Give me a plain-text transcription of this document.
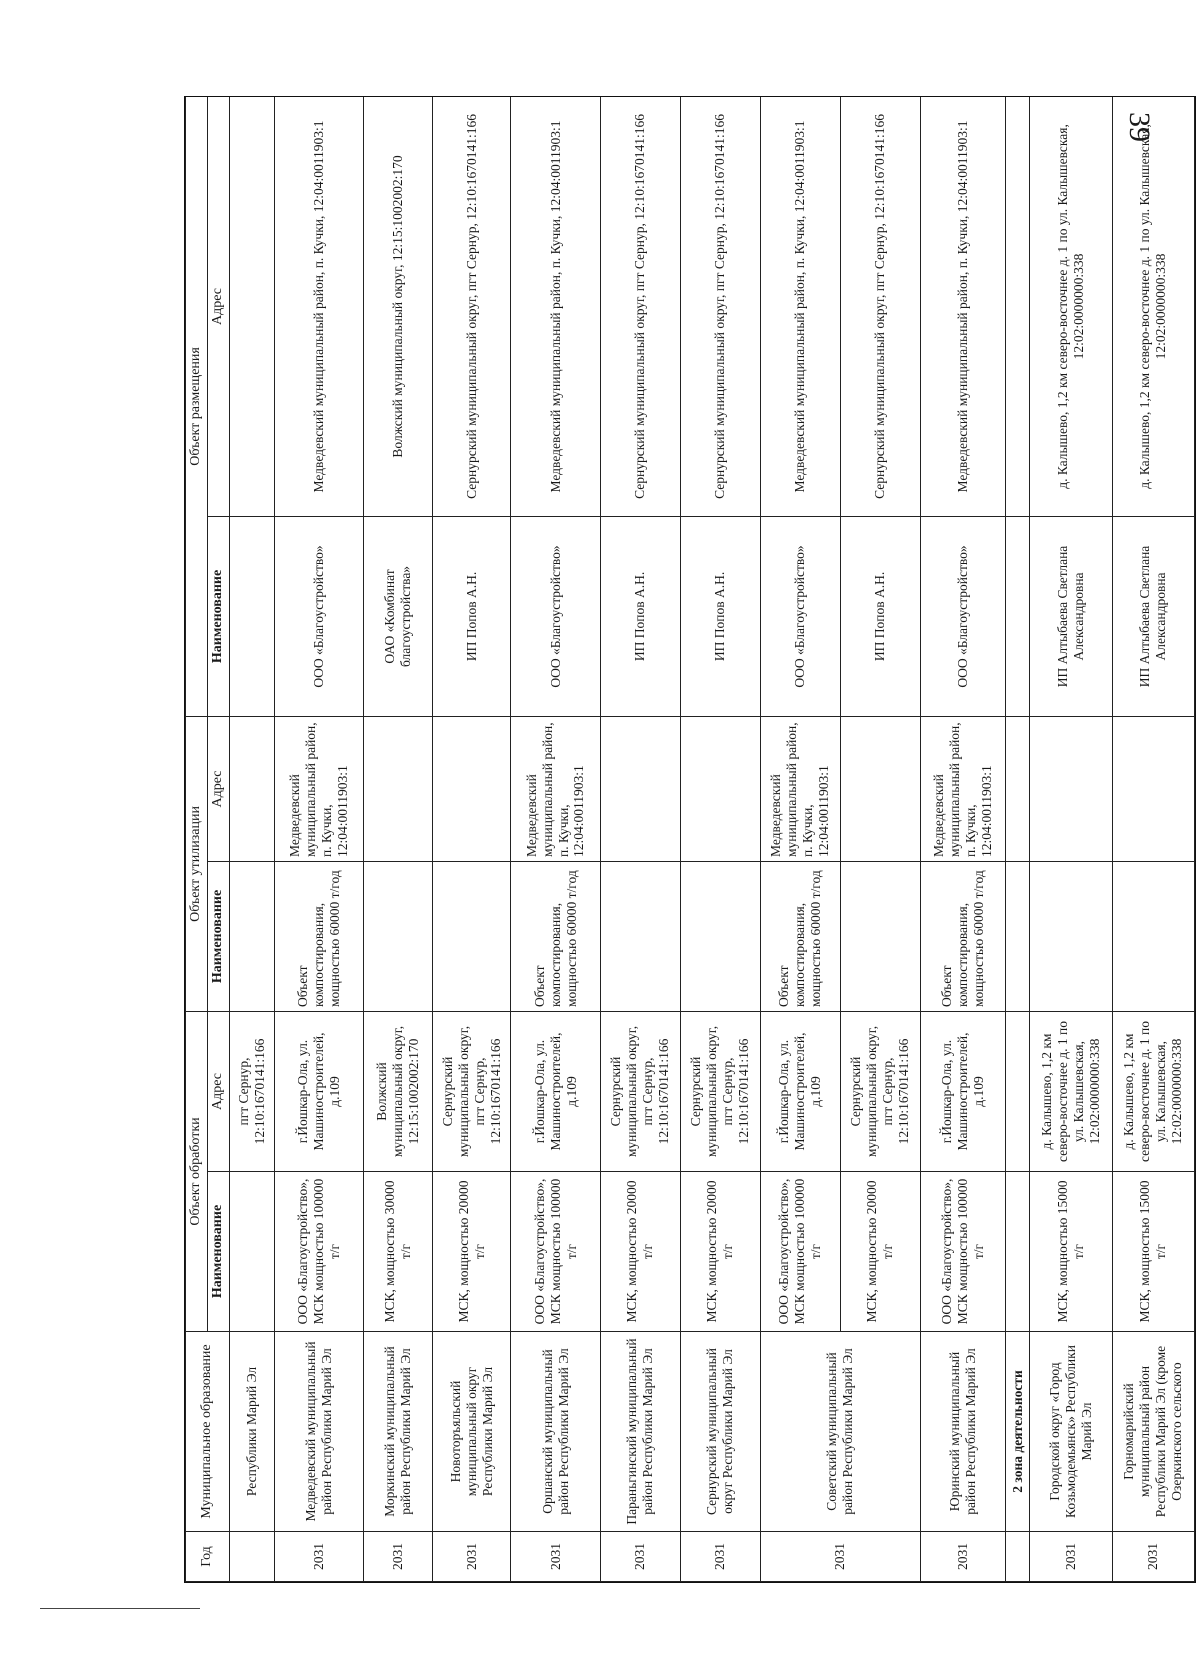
39
Год	Муниципальное образование	Объект обработки		Объект утилизации		Объект размещения	
		Наименование	Адрес	Наименование	Адрес	Наименование	Адрес
	Республики Марий Эл		пгт Сернур, 12:10:1670141:166				
2031	Медведевский муниципальный район Республики Марий Эл	ООО «Благоустройство», МСК мощностью 100000 т/г	г.Йошкар-Ола, ул. Машиностроителей, д.109	Объект компостирования, мощностью 60000 т/год	Медведевский муниципальный район, п. Кучки, 12:04:0011903:1	ООО «Благоустройство»	Медведевский муниципальный район, п. Кучки, 12:04:0011903:1
2031	Моркинский муниципальный район Республики Марий Эл	МСК, мощностью 30000 т/г	Волжский муниципальный округ, 12:15:1002002:170			ОАО «Комбинат благоустройства»	Волжский муниципальный округ, 12:15:1002002:170
2031	Новоторъяльский муниципальный округ Республики Марий Эл	МСК, мощностью 20000 т/г	Сернурский муниципальный округ, пгт Сернур, 12:10:1670141:166			ИП Попов А.Н.	Сернурский муниципальный округ, пгт Сернур, 12:10:1670141:166
2031	Оршанский муниципальный район Республики Марий Эл	ООО «Благоустройство», МСК мощностью 100000 т/г	г.Йошкар-Ола, ул. Машиностроителей, д.109	Объект компостирования, мощностью 60000 т/год	Медведевский муниципальный район, п. Кучки, 12:04:0011903:1	ООО «Благоустройство»	Медведевский муниципальный район, п. Кучки, 12:04:0011903:1
2031	Параньгинский муниципальный район Республики Марий Эл	МСК, мощностью 20000 т/г	Сернурский муниципальный округ, пгт Сернур, 12:10:1670141:166			ИП Попов А.Н.	Сернурский муниципальный округ, пгт Сернур, 12:10:1670141:166
2031	Сернурский муниципальный округ Республики Марий Эл	МСК, мощностью 20000 т/г	Сернурский муниципальный округ, пгт Сернур, 12:10:1670141:166			ИП Попов А.Н.	Сернурский муниципальный округ, пгт Сернур, 12:10:1670141:166
2031	Советский муниципальный район Республики Марий Эл	ООО «Благоустройство», МСК мощностью 100000 т/г	г.Йошкар-Ола, ул. Машиностроителей, д.109	Объект компостирования, мощностью 60000 т/год	Медведевский муниципальный район, п. Кучки, 12:04:0011903:1	ООО «Благоустройство»	Медведевский муниципальный район, п. Кучки, 12:04:0011903:1
		МСК, мощностью 20000 т/г	Сернурский муниципальный округ, пгт Сернур, 12:10:1670141:166			ИП Попов А.Н.	Сернурский муниципальный округ, пгт Сернур, 12:10:1670141:166
2031	Юринский муниципальный район Республики Марий Эл	ООО «Благоустройство», МСК мощностью 100000 т/г	г.Йошкар-Ола, ул. Машиностроителей, д.109	Объект компостирования, мощностью 60000 т/год	Медведевский муниципальный район, п. Кучки, 12:04:0011903:1	ООО «Благоустройство»	Медведевский муниципальный район, п. Кучки, 12:04:0011903:1
	2 зона деятельности						
2031	Городской округ «Город Козьмодемьянск» Республики Марий Эл	МСК, мощностью 15000 т/г	д. Калышево, 1,2 км северо-восточнее д. 1 по ул. Калышевская, 12:02:0000000:338			ИП Алтыбаева Светлана Александровна	д. Калышево, 1,2 км северо-восточнее д. 1 по ул. Калышевская, 12:02:0000000:338
2031	Горномарийский муниципальный район Республики Марий Эл (кроме Озеркинского сельского	МСК, мощностью 15000 т/г	д. Калышево, 1,2 км северо-восточнее д. 1 по ул. Калышевская, 12:02:0000000:338			ИП Алтыбаева Светлана Александровна	д. Калышево, 1,2 км северо-восточнее д. 1 по ул. Калышевская, 12:02:0000000:338
